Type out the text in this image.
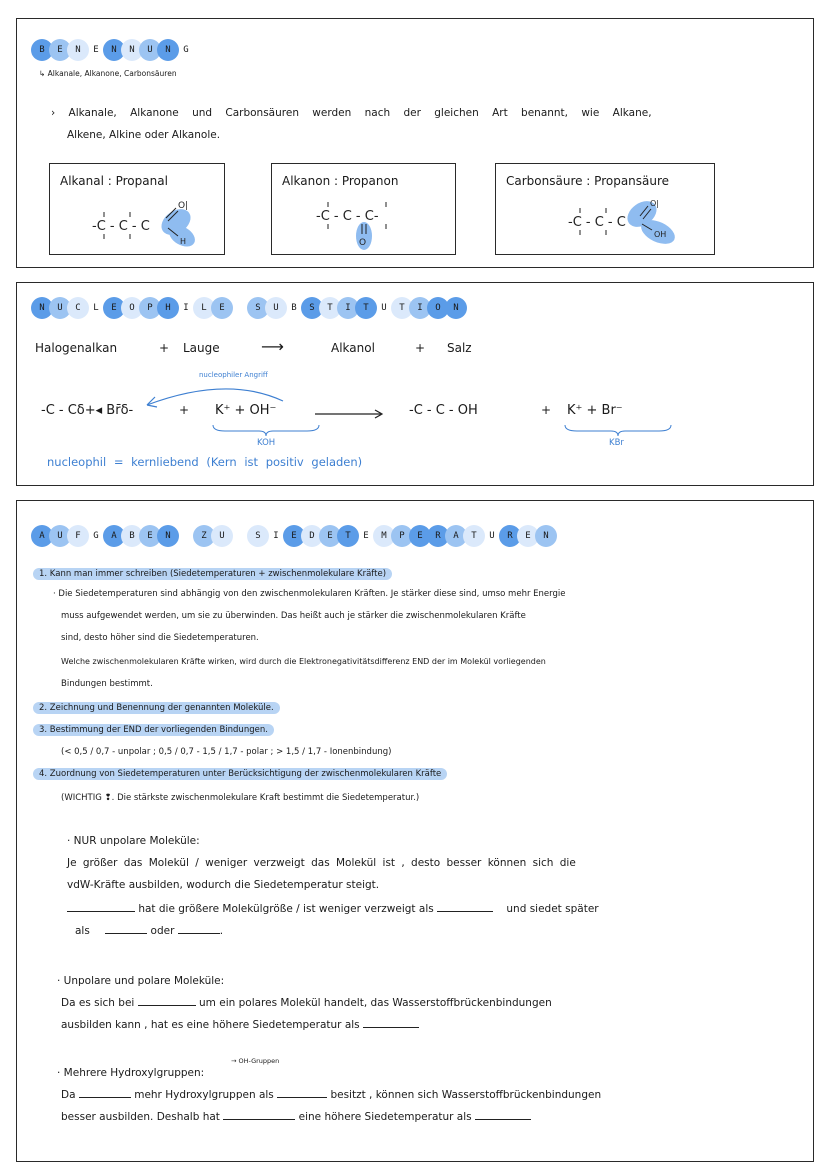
B	E	N	E	N	N	U	N	G
↳ Alkanale, Alkanone, Carbonsäuren
› Alkanale, Alkanone und Carbonsäuren werden nach der gleichen Art benannt, wie Alkane,
Alkene, Alkine oder Alkanole.
Alkanal : Propanal
-C - C - C
O|
H
Alkanon : Propanon
-C - C - C-
O
Carbonsäure : Propansäure
-C - C - C
O|
OH
N	U	C	L	E	O	P	H	I	L	E	S	U	B	S	T	I	T	U	T	I	O	N
Halogenalkan	+ Lauge	⟶	Alkanol	+ Salz
nucleophiler Angriff
-C - Cδ+◂ Br̄δ-	+ K⁺ + OH⁻
KOH
-C - C - OH	+ K⁺ + Br⁻
KBr
nucleophil = kernliebend (Kern ist positiv geladen)
A	U	F	G	A	B	E	N	Z	U	S	I	E	D	E	T	E	M	P	E	R	A	T	U	R	E	N
1. Kann man immer schreiben (Siedetemperaturen + zwischenmolekulare Kräfte)
· Die Siedetemperaturen sind abhängig von den zwischenmolekularen Kräften. Je stärker diese sind, umso mehr Energie
muss aufgewendet werden, um sie zu überwinden. Das heißt auch je stärker die zwischenmolekularen Kräfte
sind, desto höher sind die Siedetemperaturen.
Welche zwischenmolekularen Kräfte wirken, wird durch die Elektronegativitätsdifferenz END der im Molekül vorliegenden
Bindungen bestimmt.
2. Zeichnung und Benennung der genannten Moleküle.
3. Bestimmung der END der vorliegenden Bindungen.
(< 0,5 / 0,7 - unpolar ; 0,5 / 0,7 - 1,5 / 1,7 - polar ; > 1,5 / 1,7 - Ionenbindung)
4. Zuordnung von Siedetemperaturen unter Berücksichtigung der zwischenmolekularen Kräfte
(WICHTIG ❢. Die stärkste zwischenmolekulare Kraft bestimmt die Siedetemperatur.)
· NUR unpolare Moleküle:
Je größer das Molekül / weniger verzweigt das Molekül ist , desto besser können sich die
vdW-Kräfte ausbilden, wodurch die Siedetemperatur steigt.
hat die größere Molekülgröße / ist weniger verzweigt als	und siedet später
als	oder	.
· Unpolare und polare Moleküle:
Da es sich bei	um ein polares Molekül handelt, das Wasserstoffbrückenbindungen
ausbilden kann , hat es eine höhere Siedetemperatur als
→ OH-Gruppen
· Mehrere Hydroxylgruppen:
Da	mehr Hydroxylgruppen als	besitzt , können sich Wasserstoffbrückenbindungen
besser ausbilden. Deshalb hat	eine höhere Siedetemperatur als
